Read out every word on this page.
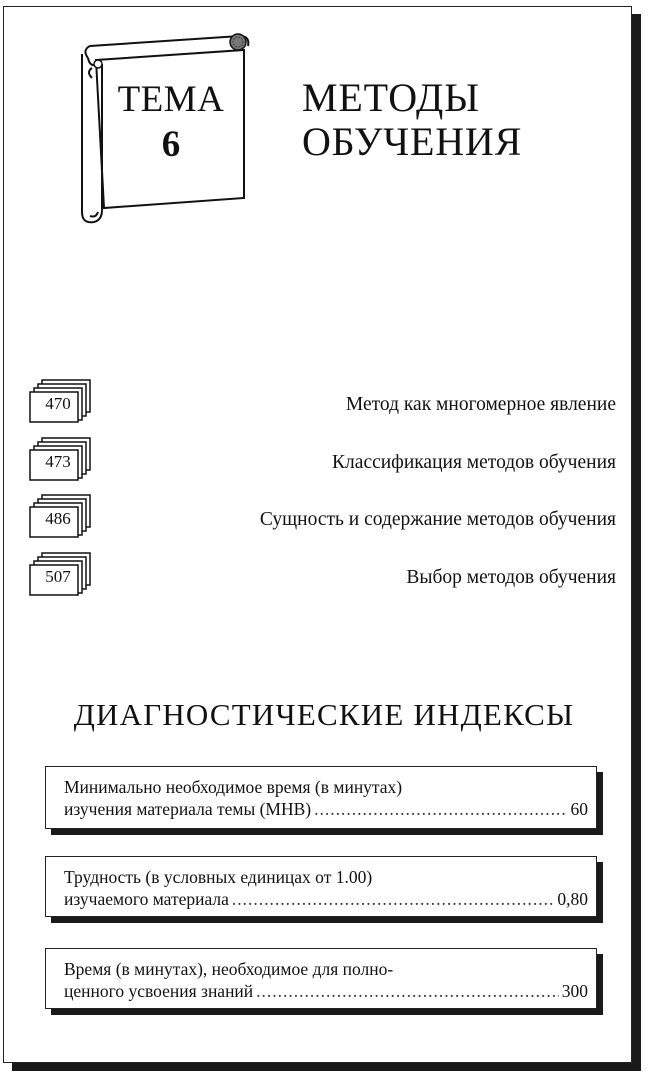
ТЕМА
6
МЕТОДЫ
ОБУЧЕНИЯ
470	Метод как многомерное явление
473	Классификация методов обучения
486	Сущность и содержание методов обучения
507	Выбор методов обучения
ДИАГНОСТИЧЕСКИЕ ИНДЕКСЫ
Минимально необходимое время (в минутах)
изучения материала темы (МНВ) .....	60
Трудность (в условных единицах от 1.00)
изучаемого материала .....	0,80
Время (в минутах), необходимое для полно-
ценного усвоения знаний .....	300
